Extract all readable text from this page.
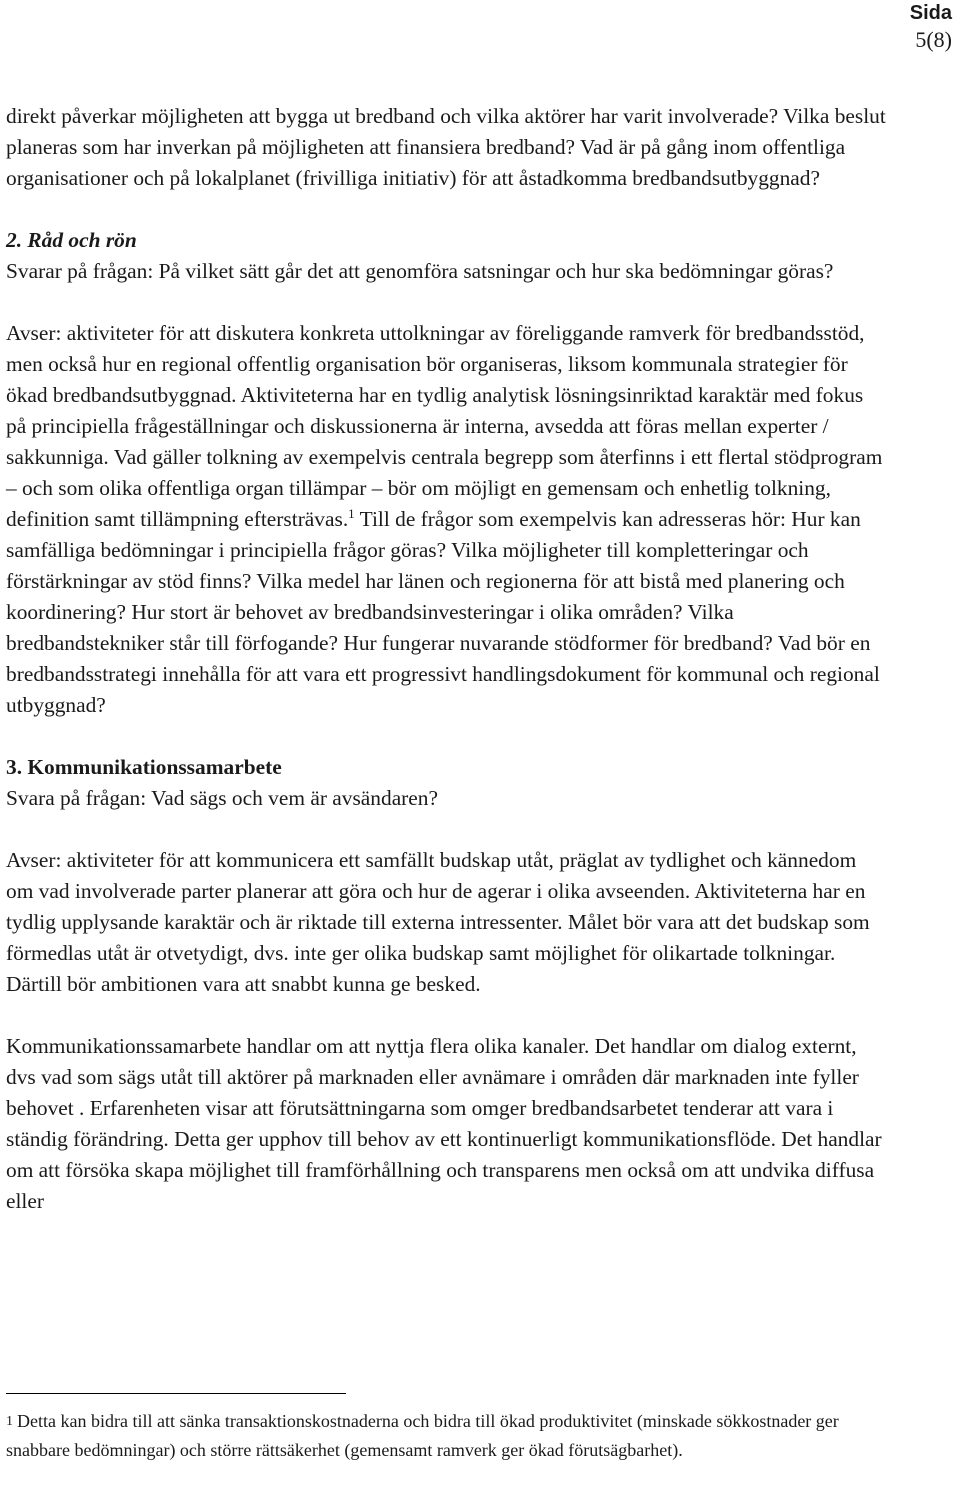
Sida
5(8)

direkt påverkar möjligheten att bygga ut bredband och vilka aktörer har varit involverade? Vilka beslut planeras som har inverkan på möjligheten att finansiera bredband? Vad är på gång inom offentliga organisationer och på lokalplanet (frivilliga initiativ) för att åstadkomma bredbandsutbyggnad?

2. Råd och rön
Svarar på frågan: På vilket sätt går det att genomföra satsningar och hur ska bedömningar göras?

Avser: aktiviteter för att diskutera konkreta uttolkningar av föreliggande ramverk för bredbandsstöd, men också hur en regional offentlig organisation bör organiseras, liksom kommunala strategier för ökad bredbandsutbyggnad. Aktiviteterna har en tydlig analytisk lösningsinriktad karaktär med fokus på principiella frågeställningar och diskussionerna är interna, avsedda att föras mellan experter / sakkunniga. Vad gäller tolkning av exempelvis centrala begrepp som återfinns i ett flertal stödprogram – och som olika offentliga organ tillämpar – bör om möjligt en gemensam och enhetlig tolkning, definition samt tillämpning eftersträvas.$^1$ Till de frågor som exempelvis kan adresseras hör: Hur kan samfälliga bedömningar i principiella frågor göras? Vilka möjligheter till kompletteringar och förstärkningar av stöd finns? Vilka medel har länen och regionerna för att bistå med planering och koordinering? Hur stort är behovet av bredbandsinvesteringar i olika områden? Vilka bredbandstekniker står till förfogande? Hur fungerar nuvarande stödformer för bredband? Vad bör en bredbandsstrategi innehålla för att vara ett progressivt handlingsdokument för kommunal och regional utbyggnad?

3. Kommunikationssamarbete
Svara på frågan: Vad sägs och vem är avsändaren?

Avser: aktiviteter för att kommunicera ett samfällt budskap utåt, präglat av tydlighet och kännedom om vad involverade parter planerar att göra och hur de agerar i olika avseenden. Aktiviteterna har en tydlig upplysande karaktär och är riktade till externa intressenter. Målet bör vara att det budskap som förmedlas utåt är otvetydigt, dvs. inte ger olika budskap samt möjlighet för olikartade tolkningar. Därtill bör ambitionen vara att snabbt kunna ge besked.

Kommunikationssamarbete handlar om att nyttja flera olika kanaler. Det handlar om dialog externt, dvs vad som sägs utåt till aktörer på marknaden eller avnämare i områden där marknaden inte fyller behovet . Erfarenheten visar att förutsättningarna som omger bredbandsarbetet tenderar att vara i ständig förändring. Detta ger upphov till behov av ett kontinuerligt kommunikationsflöde. Det handlar om att försöka skapa möjlighet till framförhållning och transparens men också om att undvika diffusa eller

1 Detta kan bidra till att sänka transaktionskostnaderna och bidra till ökad produktivitet (minskade sökkostnader ger snabbare bedömningar) och större rättsäkerhet (gemensamt ramverk ger ökad förutsägbarhet).
